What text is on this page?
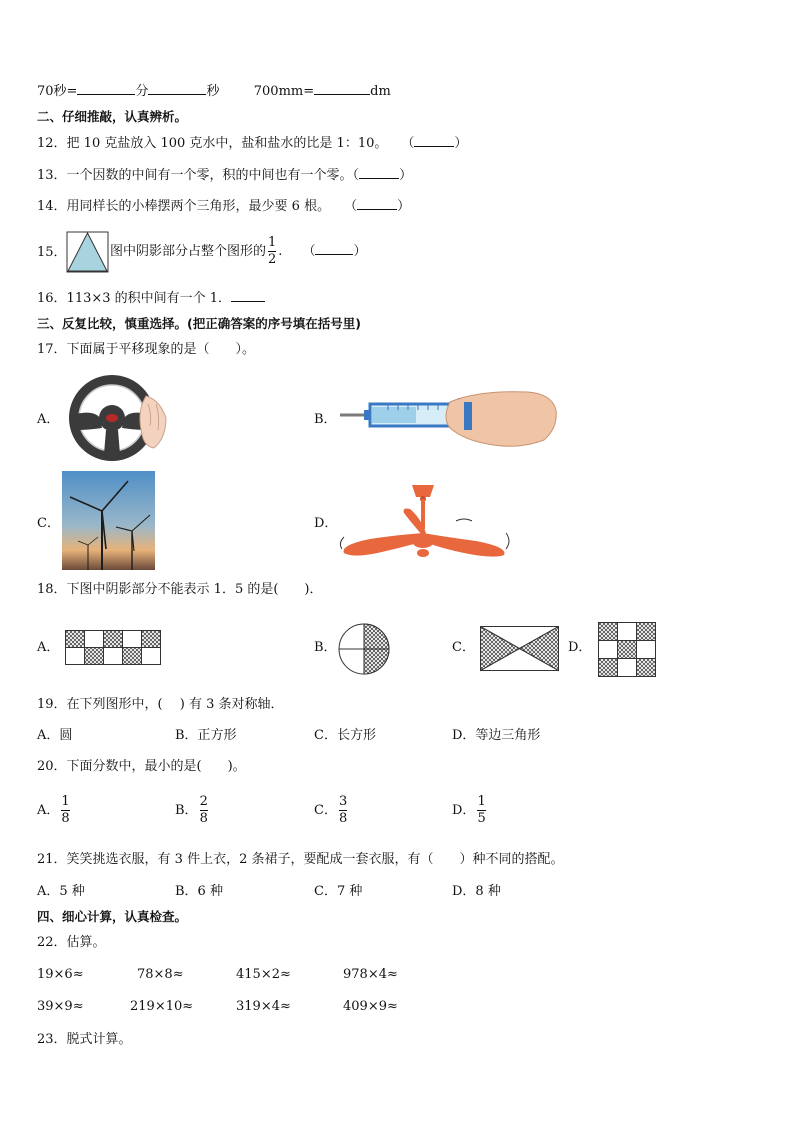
70秒=	分	秒	700mm=	dm
二、仔细推敲，认真辨析。
12．把 10 克盐放入 100 克水中，盐和盐水的比是 1：10。 （	）
13．一个因数的中间有一个零，积的中间也有一个零。（	）
14．用同样长的小棒摆两个三角形，最少要 6 根。 （	）
15．	图中阴影部分占整个图形的 $\frac{1}{2}$ . （	）
16．113×3 的积中间有一个 1．
三、反复比较，慎重选择。(把正确答案的序号填在括号里)
17．下面属于平移现象的是（　　）。
A．	B．
C．	D．
18．下图中阴影部分不能表示 1．5 的是(　　)．
A．	B．	C．	D．
19．在下列图形中，(　 ) 有 3 条对称轴．
A．圆	B．正方形	C．长方形	D．等边三角形
20．下面分数中，最小的是(　　)。
A． $\frac{1}{8}$	B． $\frac{2}{8}$	C． $\frac{3}{8}$	D． $\frac{1}{5}$
21．笑笑挑选衣服，有 3 件上衣，2 条裙子，要配成一套衣服，有（　　）种不同的搭配。
A．5 种	B．6 种	C．7 种	D．8 种
四、细心计算，认真检查。
22．估算。
19×6≈	78×8≈	415×2≈	978×4≈
39×9≈	219×10≈	319×4≈	409×9≈
23．脱式计算。
